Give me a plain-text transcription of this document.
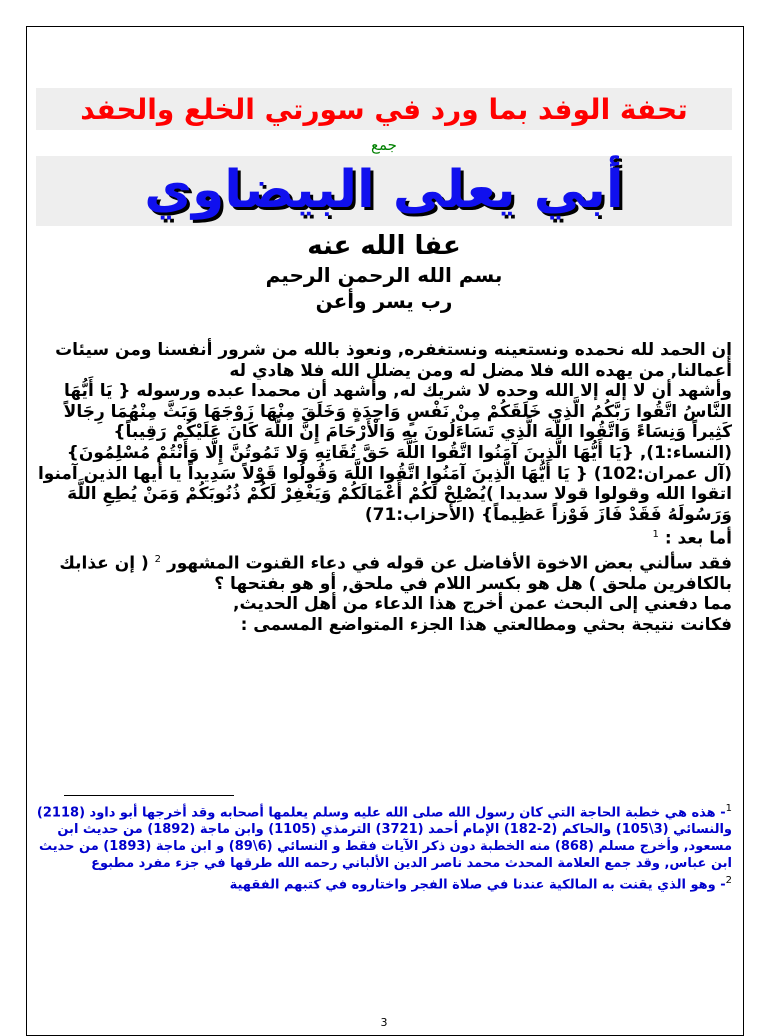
تحفة الوفد بما ورد في سورتي الخلع والحفد
جمع
أبي يعلى البيضاوي
عفا الله عنه
بسم الله الرحمن الرحيم
رب يسر وأعن

إن الحمد لله نحمده ونستعينه ونستغفره, ونعوذ بالله من شرور أنفسنا ومن سيئات أعمالنا, من يهده الله فلا مضل له ومن يضلل الله فلا هادي له

وأشهد أن لا إله إلا الله وحده لا شريك له, وأشهد أن محمدا عبده ورسوله { يَا أَيُّهَا النَّاسُ اتَّقُوا رَبَّكُمُ الَّذِي خَلَقَكُمْ مِنْ نَفْسٍ وَاحِدَةٍ وَخَلَقَ مِنْهَا زَوْجَهَا وَبَثَّ مِنْهُمَا رِجَالاً كَثِيراً وَنِسَاءً وَاتَّقُوا اللَّهَ الَّذِي تَسَاءَلُونَ بِهِ وَالْأَرْحَامَ إِنَّ اللَّهَ كَانَ عَلَيْكُمْ رَقِيباً} (النساء:1), {يَا أَيُّهَا الَّذِينَ آمَنُوا اتَّقُوا اللَّهَ حَقَّ تُقَاتِهِ وَلا تَمُوتُنَّ إِلَّا وَأَنْتُمْ مُسْلِمُونَ} (آل عمران:102) { يَا أَيُّهَا الَّذِينَ آمَنُوا اتَّقُوا اللَّهَ وَقُولُوا قَوْلاً سَدِيداً يا أيها الذين آمنوا اتقوا الله وقولوا قولا سديدا )يُصْلِحْ لَكُمْ أَعْمَالَكُمْ وَيَغْفِرْ لَكُمْ ذُنُوبَكُمْ وَمَنْ يُطِعِ اللَّهَ وَرَسُولَهُ فَقَدْ فَازَ فَوْزاً عَظِيماً} (الأحزاب:71)

أما بعد : $^1$

فقد سألني بعض الاخوة الأفاضل عن قوله في دعاء القنوت المشهور $^2$ ( إن عذابك بالكافرين ملحق ) هل هو بكسر اللام في ملحق, أو هو بفتحها ؟

مما دفعني إلى البحث عمن أخرج هذا الدعاء من أهل الحديث,

فكانت نتيجة بحثي ومطالعتي هذا الجزء المتواضع المسمى :

$^1$- هذه هي خطبة الحاجة التي كان رسول الله صلى الله عليه وسلم يعلمها أصحابه وقد أخرجها أبو داود (2118) والنسائي (3\105) والحاكم (2-182) الإمام أحمد (3721) الترمذي (1105) وابن ماجة (1892) من حديث ابن مسعود, وأخرج مسلم (868) منه الخطبة دون ذكر الآيات فقط و النسائي (6\89) و ابن ماجة (1893) من حديث ابن عباس, وقد جمع العلامة المحدث محمد ناصر الدين الألباني رحمه الله طرقها في جزء مفرد مطبوع

$^2$- وهو الذي يقنت به المالكية عندنا في صلاة الفجر واختاروه في كتبهم الفقهية

3
